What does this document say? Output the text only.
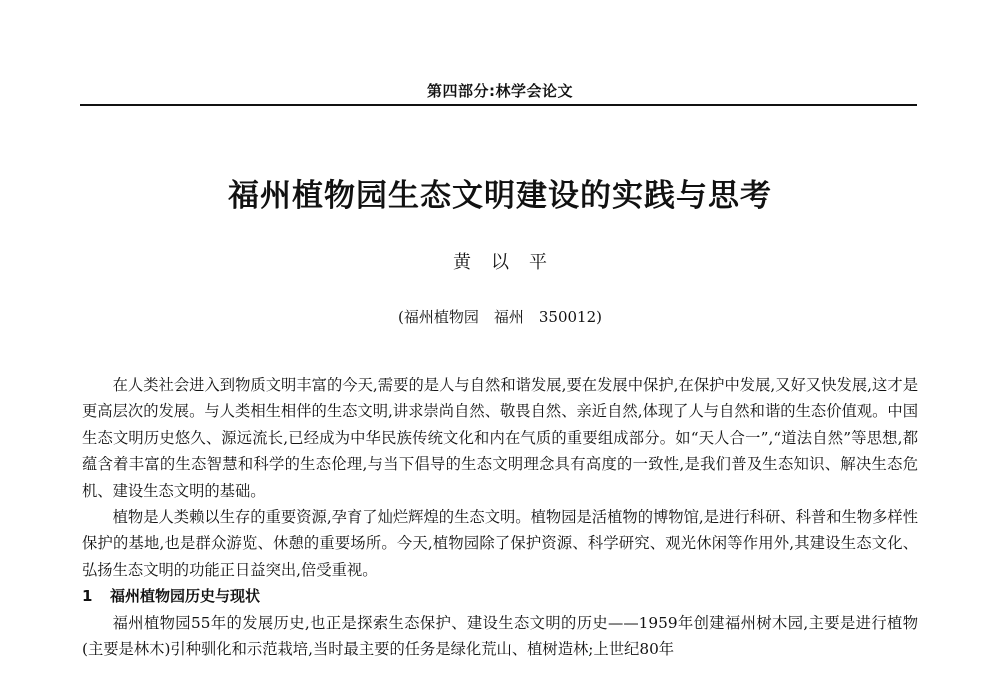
第四部分:林学会论文
福州植物园生态文明建设的实践与思考
黄以平
(福州植物园　福州　350012)

在人类社会进入到物质文明丰富的今天,需要的是人与自然和谐发展,要在发展中保护,在保护中发展,又好又快发展,这才是更高层次的发展。与人类相生相伴的生态文明,讲求崇尚自然、敬畏自然、亲近自然,体现了人与自然和谐的生态价值观。中国生态文明历史悠久、源远流长,已经成为中华民族传统文化和内在气质的重要组成部分。如“天人合一”,“道法自然”等思想,都蕴含着丰富的生态智慧和科学的生态伦理,与当下倡导的生态文明理念具有高度的一致性,是我们普及生态知识、解决生态危机、建设生态文明的基础。

植物是人类赖以生存的重要资源,孕育了灿烂辉煌的生态文明。植物园是活植物的博物馆,是进行科研、科普和生物多样性保护的基地,也是群众游览、休憩的重要场所。今天,植物园除了保护资源、科学研究、观光休闲等作用外,其建设生态文化、弘扬生态文明的功能正日益突出,倍受重视。

1 福州植物园历史与现状

福州植物园55年的发展历史,也正是探索生态保护、建设生态文明的历史——1959年创建福州树木园,主要是进行植物(主要是林木)引种驯化和示范栽培,当时最主要的任务是绿化荒山、植树造林;上世纪80年
